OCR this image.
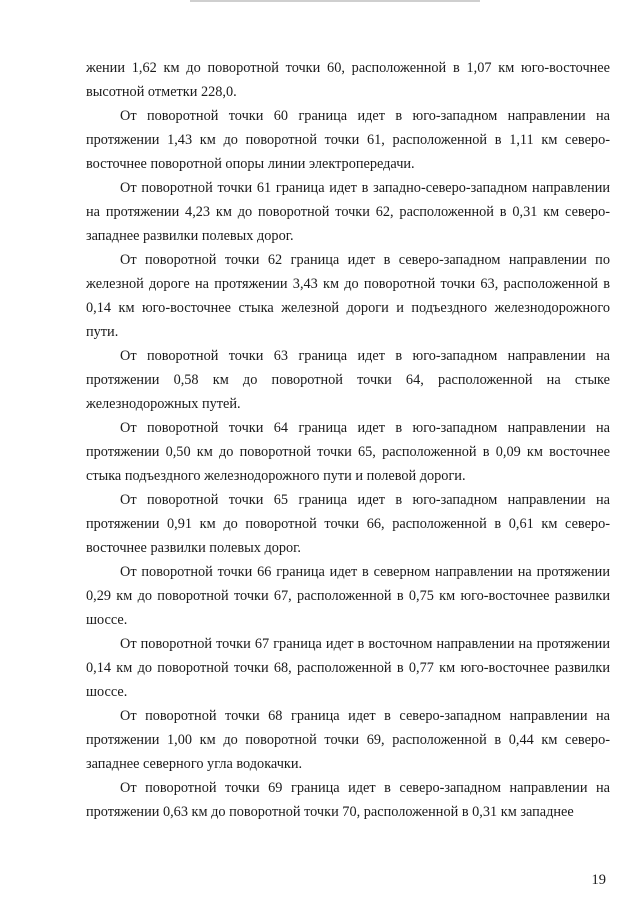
жении 1,62 км до поворотной точки 60, расположенной в 1,07 км юго-восточнее высотной отметки 228,0.

От поворотной точки 60 граница идет в юго-западном направлении на протяжении 1,43 км до поворотной точки 61, расположенной в 1,11 км северо-восточнее поворотной опоры линии электропередачи.

От поворотной точки 61 граница идет в западно-северо-западном направлении на протяжении 4,23 км до поворотной точки 62, расположенной в 0,31 км северо-западнее развилки полевых дорог.

От поворотной точки 62 граница идет в северо-западном направлении по железной дороге на протяжении 3,43 км до поворотной точки 63, расположенной в 0,14 км юго-восточнее стыка железной дороги и подъездного железнодорожного пути.

От поворотной точки 63 граница идет в юго-западном направлении на протяжении 0,58 км до поворотной точки 64, расположенной на стыке железнодорожных путей.

От поворотной точки 64 граница идет в юго-западном направлении на протяжении 0,50 км до поворотной точки 65, расположенной в 0,09 км восточнее стыка подъездного железнодорожного пути и полевой дороги.

От поворотной точки 65 граница идет в юго-западном направлении на протяжении 0,91 км до поворотной точки 66, расположенной в 0,61 км северо-восточнее развилки полевых дорог.

От поворотной точки 66 граница идет в северном направлении на протяжении 0,29 км до поворотной точки 67, расположенной в 0,75 км юго-восточнее развилки шоссе.

От поворотной точки 67 граница идет в восточном направлении на протяжении 0,14 км до поворотной точки 68, расположенной в 0,77 км юго-восточнее развилки шоссе.

От поворотной точки 68 граница идет в северо-западном направлении на протяжении 1,00 км до поворотной точки 69, расположенной в 0,44 км северо-западнее северного угла водокачки.

От поворотной точки 69 граница идет в северо-западном направлении на протяжении 0,63 км до поворотной точки 70, расположенной в 0,31 км западнее

19
